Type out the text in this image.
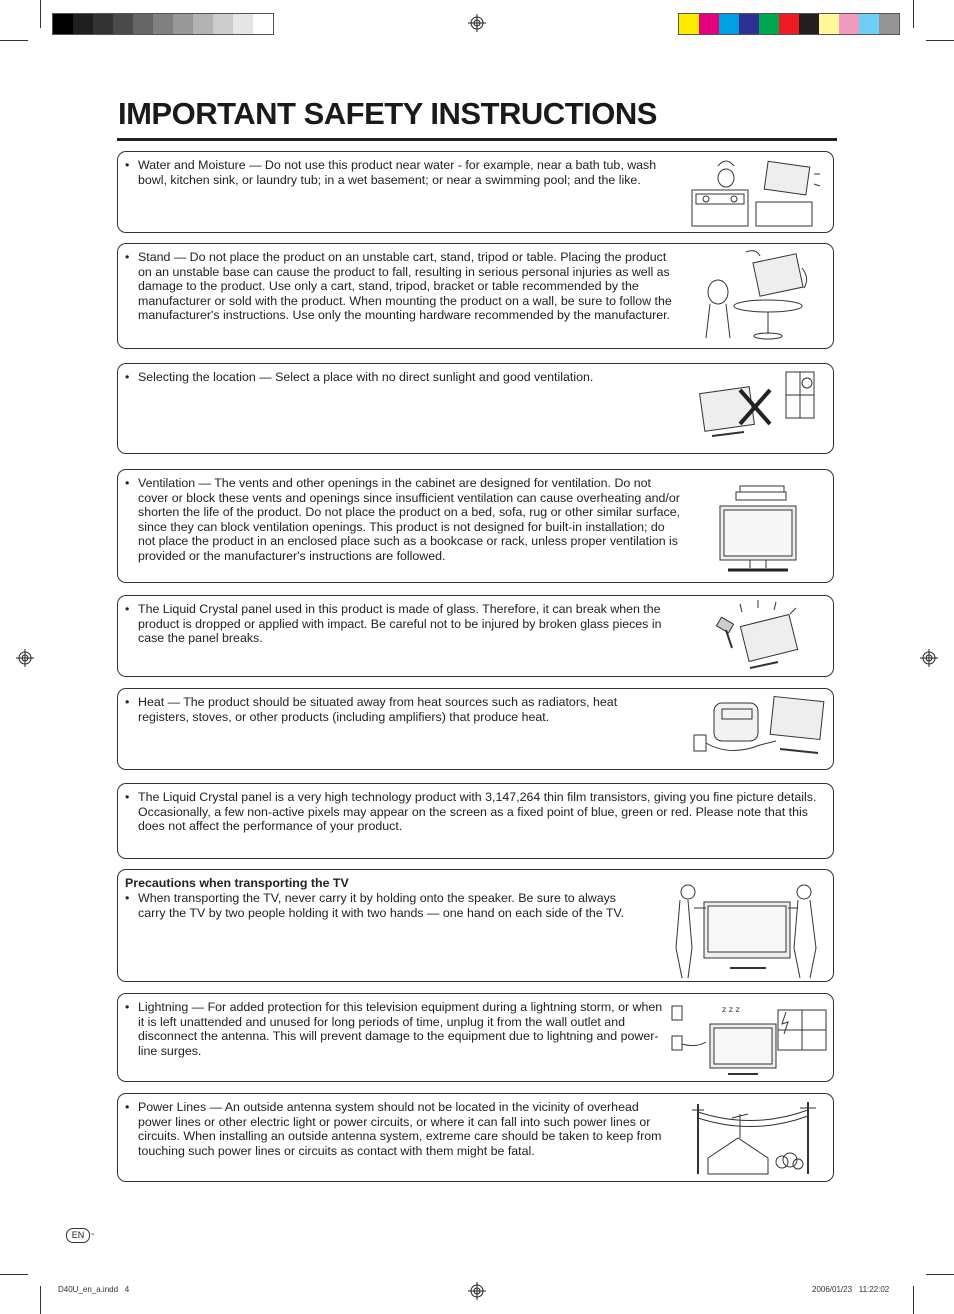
IMPORTANT SAFETY INSTRUCTIONS
• Water and Moisture — Do not use this product near water - for example, near a bath tub, wash bowl, kitchen sink, or laundry tub; in a wet basement; or near a swimming pool; and the like.
• Stand — Do not place the product on an unstable cart, stand, tripod or table. Placing the product on an unstable base can cause the product to fall, resulting in serious personal injuries as well as damage to the product. Use only a cart, stand, tripod, bracket or table recommended by the manufacturer or sold with the product. When mounting the product on a wall, be sure to follow the manufacturer's instructions. Use only the mounting hardware recommended by the manufacturer.
• Selecting the location — Select a place with no direct sunlight and good ventilation.
• Ventilation — The vents and other openings in the cabinet are designed for ventilation. Do not cover or block these vents and openings since insufficient ventilation can cause overheating and/or shorten the life of the product. Do not place the product on a bed, sofa, rug or other similar surface, since they can block ventilation openings. This product is not designed for built-in installation; do not place the product in an enclosed place such as a bookcase or rack, unless proper ventilation is provided or the manufacturer's instructions are followed.
• The Liquid Crystal panel used in this product is made of glass. Therefore, it can break when the product is dropped or applied with impact. Be careful not to be injured by broken glass pieces in case the panel breaks.
• Heat — The product should be situated away from heat sources such as radiators, heat registers, stoves, or other products (including amplifiers) that produce heat.
• The Liquid Crystal panel is a very high technology product with 3,147,264 thin film transistors, giving you fine picture details.
Occasionally, a few non-active pixels may appear on the screen as a fixed point of blue, green or red. Please note that this does not affect the performance of your product.
Precautions when transporting the TV
• When transporting the TV, never carry it by holding onto the speaker. Be sure to always carry the TV by two people holding it with two hands — one hand on each side of the TV.
• Lightning — For added protection for this television equipment during a lightning storm, or when it is left unattended and unused for long periods of time, unplug it from the wall outlet and disconnect the antenna. This will prevent damage to the equipment due to lightning and power-line surges.
z z z
• Power Lines — An outside antenna system should not be located in the vicinity of overhead power lines or other electric light or power circuits, or where it can fall into such power lines or circuits. When installing an outside antenna system, extreme care should be taken to keep from touching such power lines or circuits as contact with them might be fatal.
EN -
D40U_en_a.indd   4	2006/01/23   11:22:02
